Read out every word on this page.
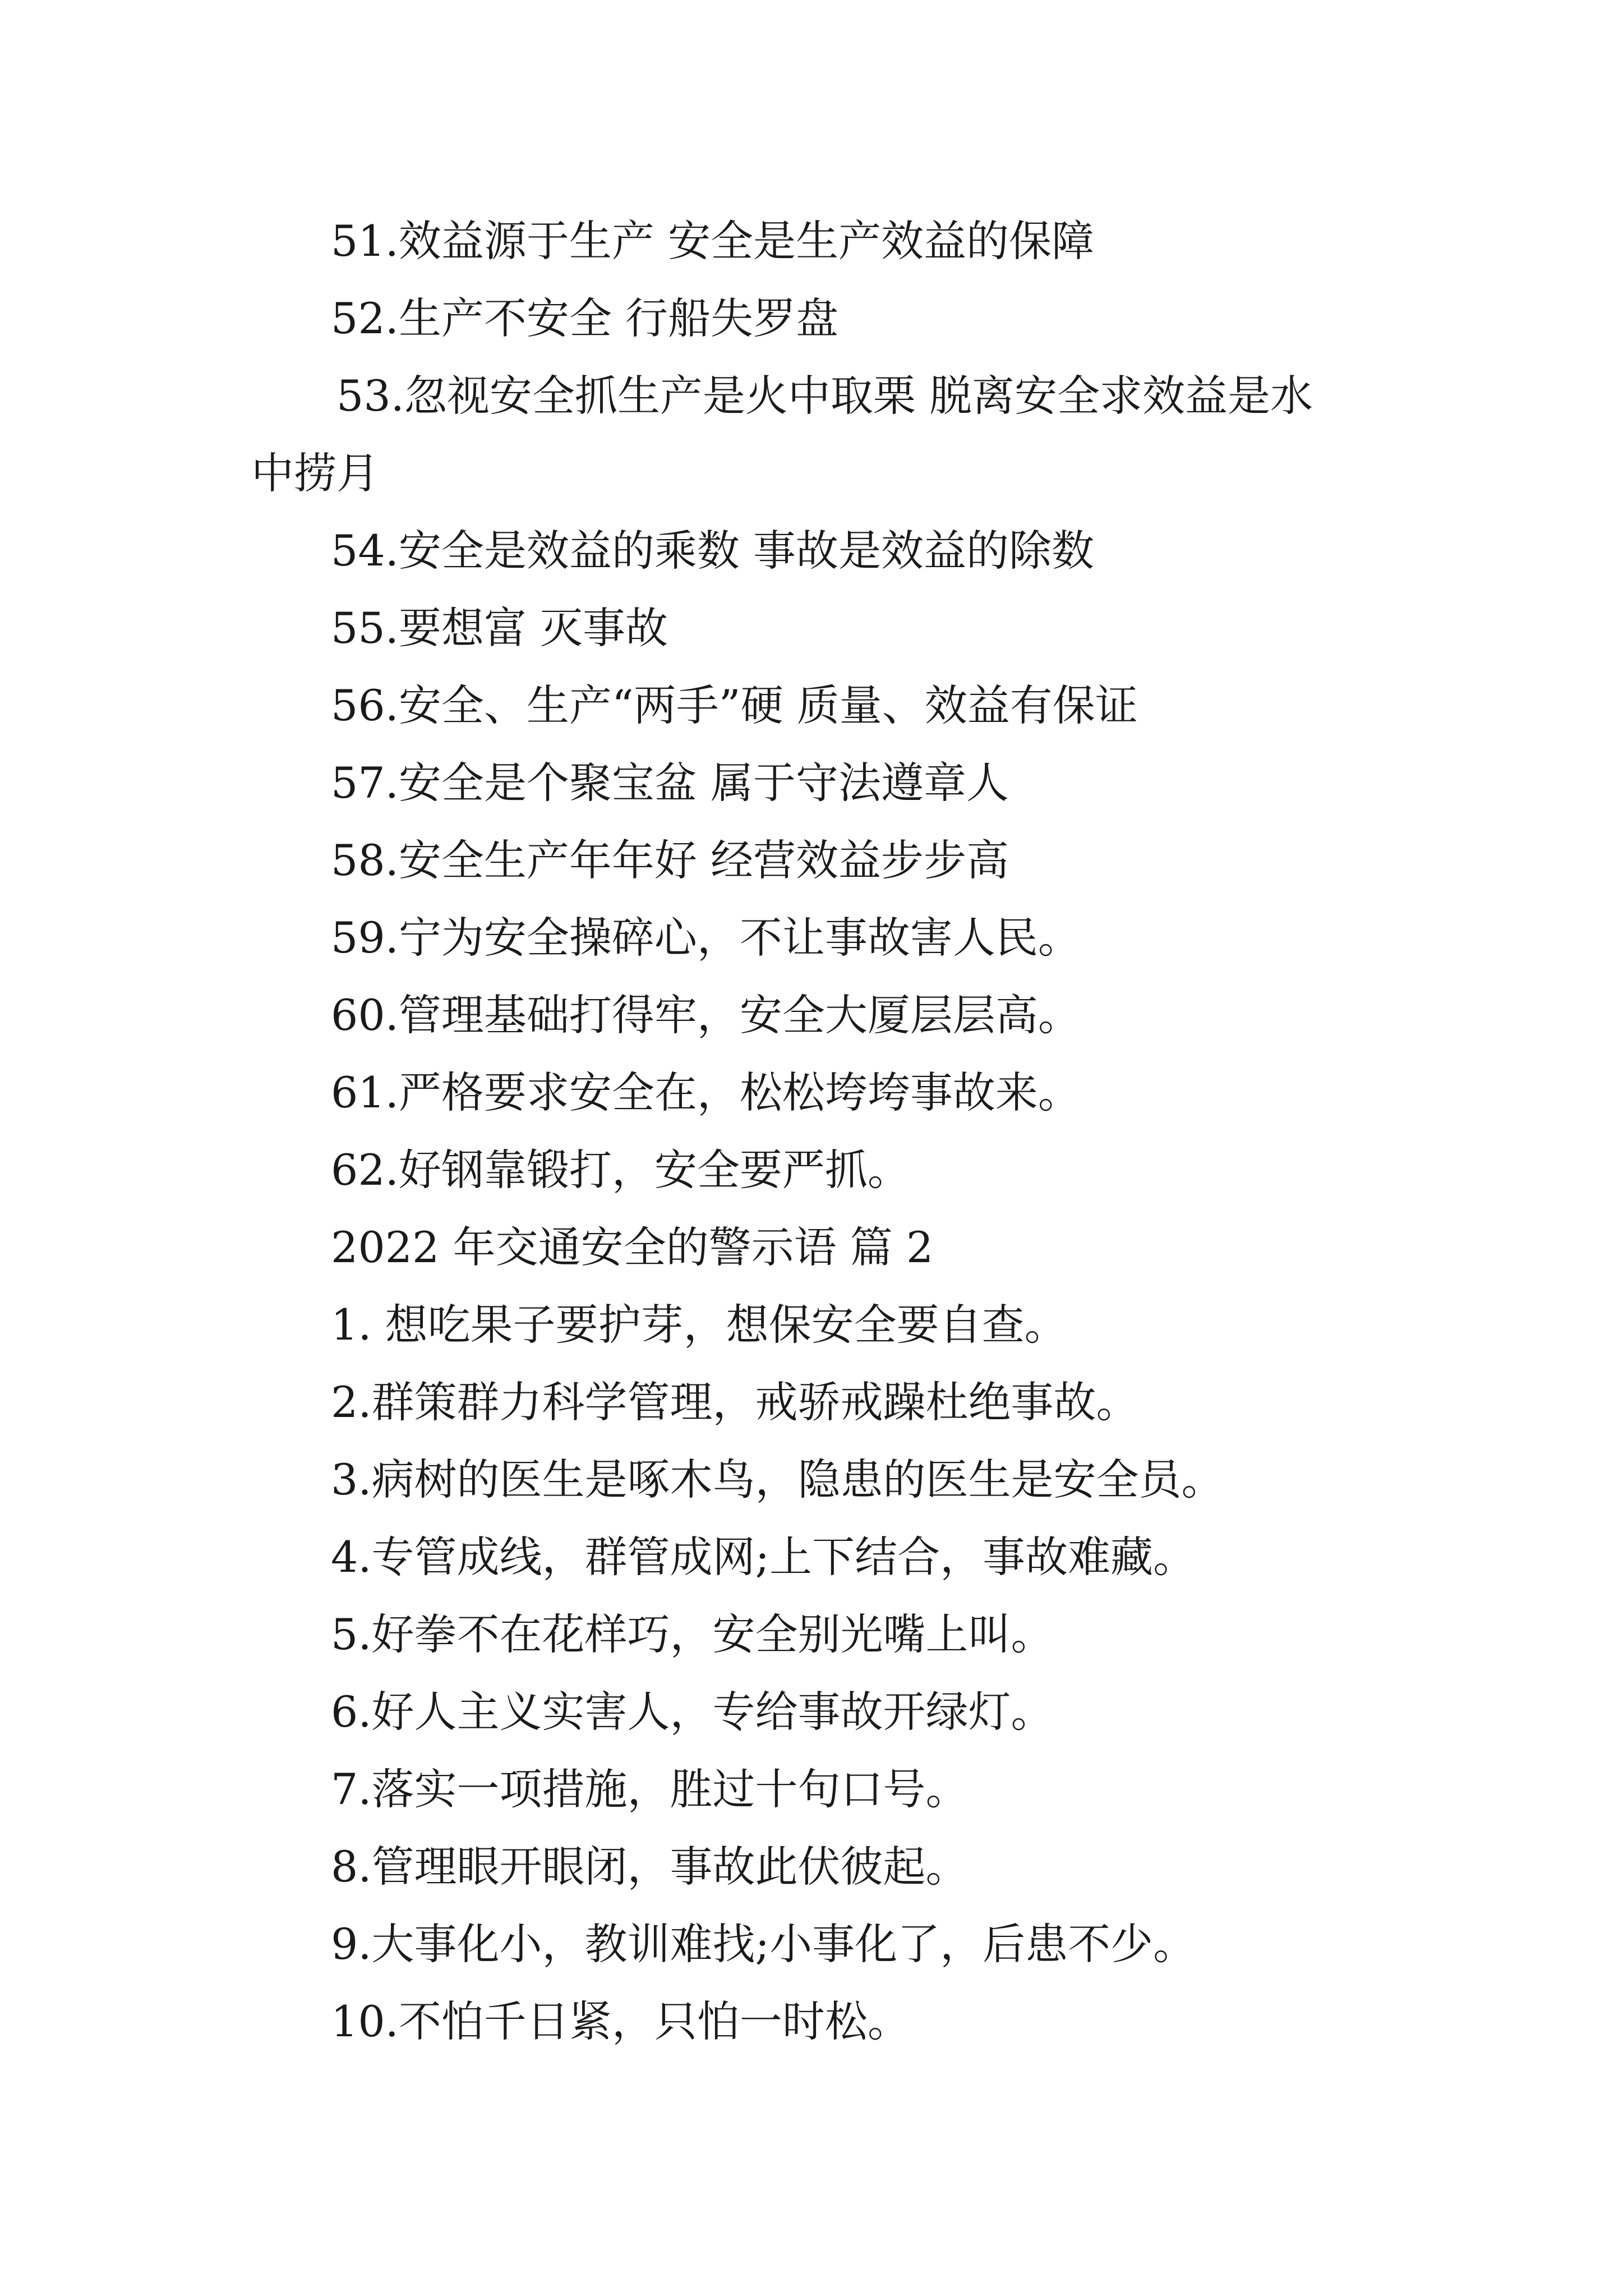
51.效益源于生产 安全是生产效益的保障
52.生产不安全 行船失罗盘
53.忽视安全抓生产是火中取栗 脱离安全求效益是水
中捞月
54.安全是效益的乘数 事故是效益的除数
55.要想富 灭事故
56.安全、生产“两手”硬 质量、效益有保证
57.安全是个聚宝盆 属于守法遵章人
58.安全生产年年好 经营效益步步高
59.宁为安全操碎心，不让事故害人民。
60.管理基础打得牢，安全大厦层层高。
61.严格要求安全在，松松垮垮事故来。
62.好钢靠锻打，安全要严抓。
2022 年交通安全的警示语 篇 2
1. 想吃果子要护芽，想保安全要自查。
2.群策群力科学管理，戒骄戒躁杜绝事故。
3.病树的医生是啄木鸟，隐患的医生是安全员。
4.专管成线，群管成网;上下结合，事故难藏。
5.好拳不在花样巧，安全别光嘴上叫。
6.好人主义实害人，专给事故开绿灯。
7.落实一项措施，胜过十句口号。
8.管理眼开眼闭，事故此伏彼起。
9.大事化小，教训难找;小事化了，后患不少。
10.不怕千日紧，只怕一时松。
